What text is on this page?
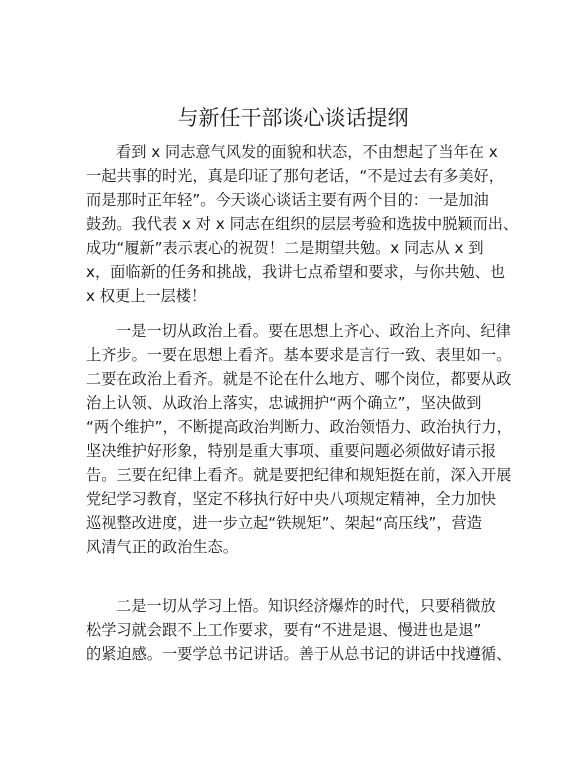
与新任干部谈心谈话提纲
看到 x 同志意气风发的面貌和状态，不由想起了当年在 x
一起共事的时光，真是印证了那句老话，“不是过去有多美好，
而是那时正年轻”。今天谈心谈话主要有两个目的：一是加油
鼓劲。我代表 x 对 x 同志在组织的层层考验和选拔中脱颖而出、
成功“履新”表示衷心的祝贺！二是期望共勉。x 同志从 x 到
x，面临新的任务和挑战，我讲七点希望和要求，与你共勉、也
x 权更上一层楼！
一是一切从政治上看。要在思想上齐心、政治上齐向、纪律
上齐步。一要在思想上看齐。基本要求是言行一致、表里如一。
二要在政治上看齐。就是不论在什么地方、哪个岗位，都要从政
治上认领、从政治上落实，忠诚拥护“两个确立”，坚决做到
“两个维护”，不断提高政治判断力、政治领悟力、政治执行力，
坚决维护好形象，特别是重大事项、重要问题必须做好请示报
告。三要在纪律上看齐。就是要把纪律和规矩挺在前，深入开展
党纪学习教育，坚定不移执行好中央八项规定精神，全力加快
巡视整改进度，进一步立起“铁规矩”、架起“高压线”，营造
风清气正的政治生态。
二是一切从学习上悟。知识经济爆炸的时代，只要稍微放
松学习就会跟不上工作要求，要有“不进是退、慢进也是退”
的紧迫感。一要学总书记讲话。善于从总书记的讲话中找遵循、
